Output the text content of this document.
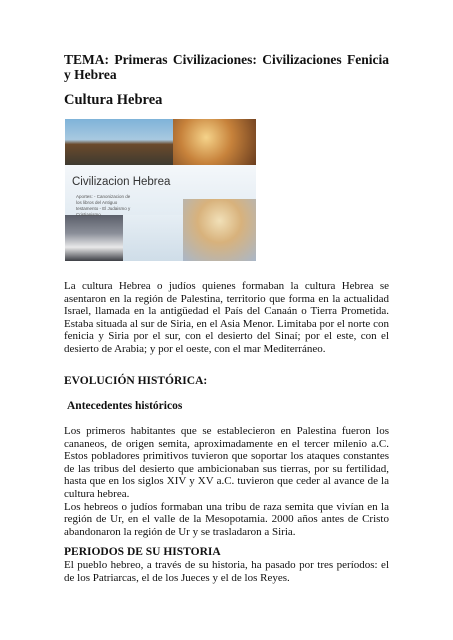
TEMA: Primeras Civilizaciones: Civilizaciones Fenicia y Hebrea
Cultura Hebrea
Civilizacion Hebrea
Aportes: - Canonizacion de los libros del Antiguo testamento - El Judaismo y Cristianismo
La cultura Hebrea o judíos quienes formaban la cultura Hebrea se asentaron en la región de Palestina, territorio que forma en la actualidad Israel, llamada en la antigüedad el País del Canaán o Tierra Prometida. Estaba situada al sur de Siria, en el Asia Menor. Limitaba por el norte con fenicia y Siria por el sur, con el desierto del Sinaí; por el este, con el desierto de Arabia; y por el oeste, con el mar Mediterráneo.
EVOLUCIÓN HISTÓRICA:
Antecedentes históricos
Los primeros habitantes que se establecieron en Palestina fueron los cananeos, de origen semita, aproximadamente en el tercer milenio a.C. Estos pobladores primitivos tuvieron que soportar los ataques constantes de las tribus del desierto que ambicionaban sus tierras, por su fertilidad, hasta que en los siglos XIV y XV a.C. tuvieron que ceder al avance de la cultura hebrea.
Los hebreos o judíos formaban una tribu de raza semita que vivían en la región de Ur, en el valle de la Mesopotamia. 2000 años antes de Cristo abandonaron la región de Ur y se trasladaron a Siria.
PERIODOS DE SU HISTORIA
El pueblo hebreo, a través de su historia, ha pasado por tres períodos: el de los Patriarcas, el de los Jueces y el de los Reyes.
